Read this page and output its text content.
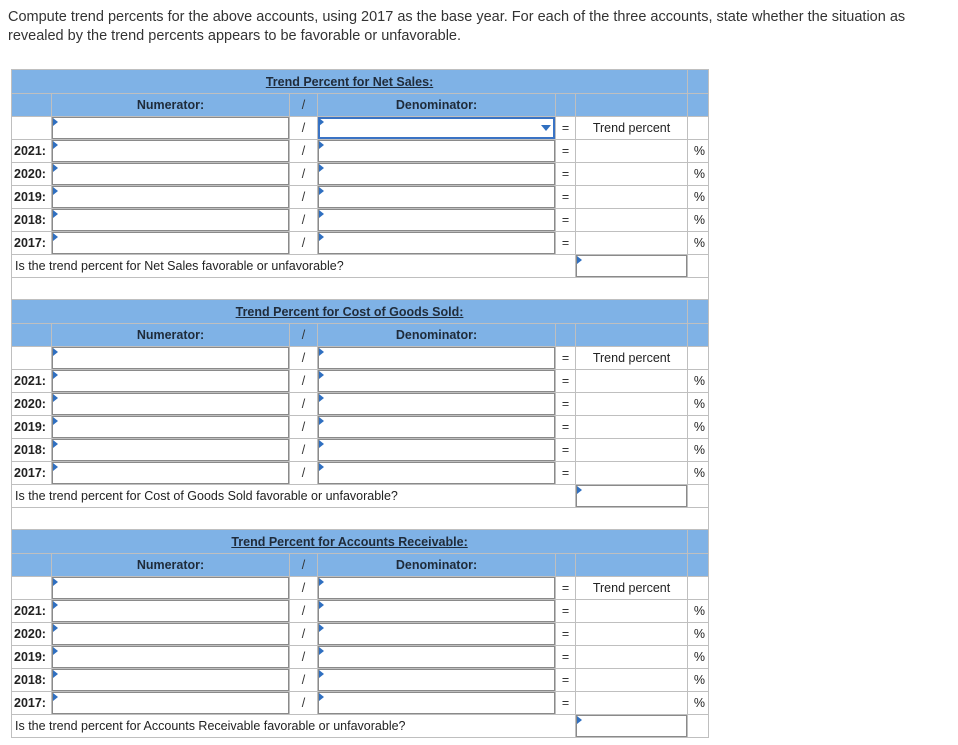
Compute trend percents for the above accounts, using 2017 as the base year. For each of the three accounts, state whether the situation as revealed by the trend percents appears to be favorable or unfavorable.
Trend Percent for Net Sales:						
	Numerator:	/	Denominator:			

	/		=	Trend percent	
2021:		/		=		%
2020:		/		=		%
2019:		/		=		%
2018:		/		=		%
2017:		/		=		%
Is the trend percent for Net Sales favorable or unfavorable?	

Trend Percent for Cost of Goods Sold:						
	Numerator:	/	Denominator:			

	/		=	Trend percent	
2021:		/		=		%
2020:		/		=		%
2019:		/		=		%
2018:		/		=		%
2017:		/		=		%
Is the trend percent for Cost of Goods Sold favorable or unfavorable?	

Trend Percent for Accounts Receivable:						
	Numerator:	/	Denominator:			

	/		=	Trend percent	
2021:		/		=		%
2020:		/		=		%
2019:		/		=		%
2018:		/		=		%
2017:		/		=		%
Is the trend percent for Accounts Receivable favorable or unfavorable?	
